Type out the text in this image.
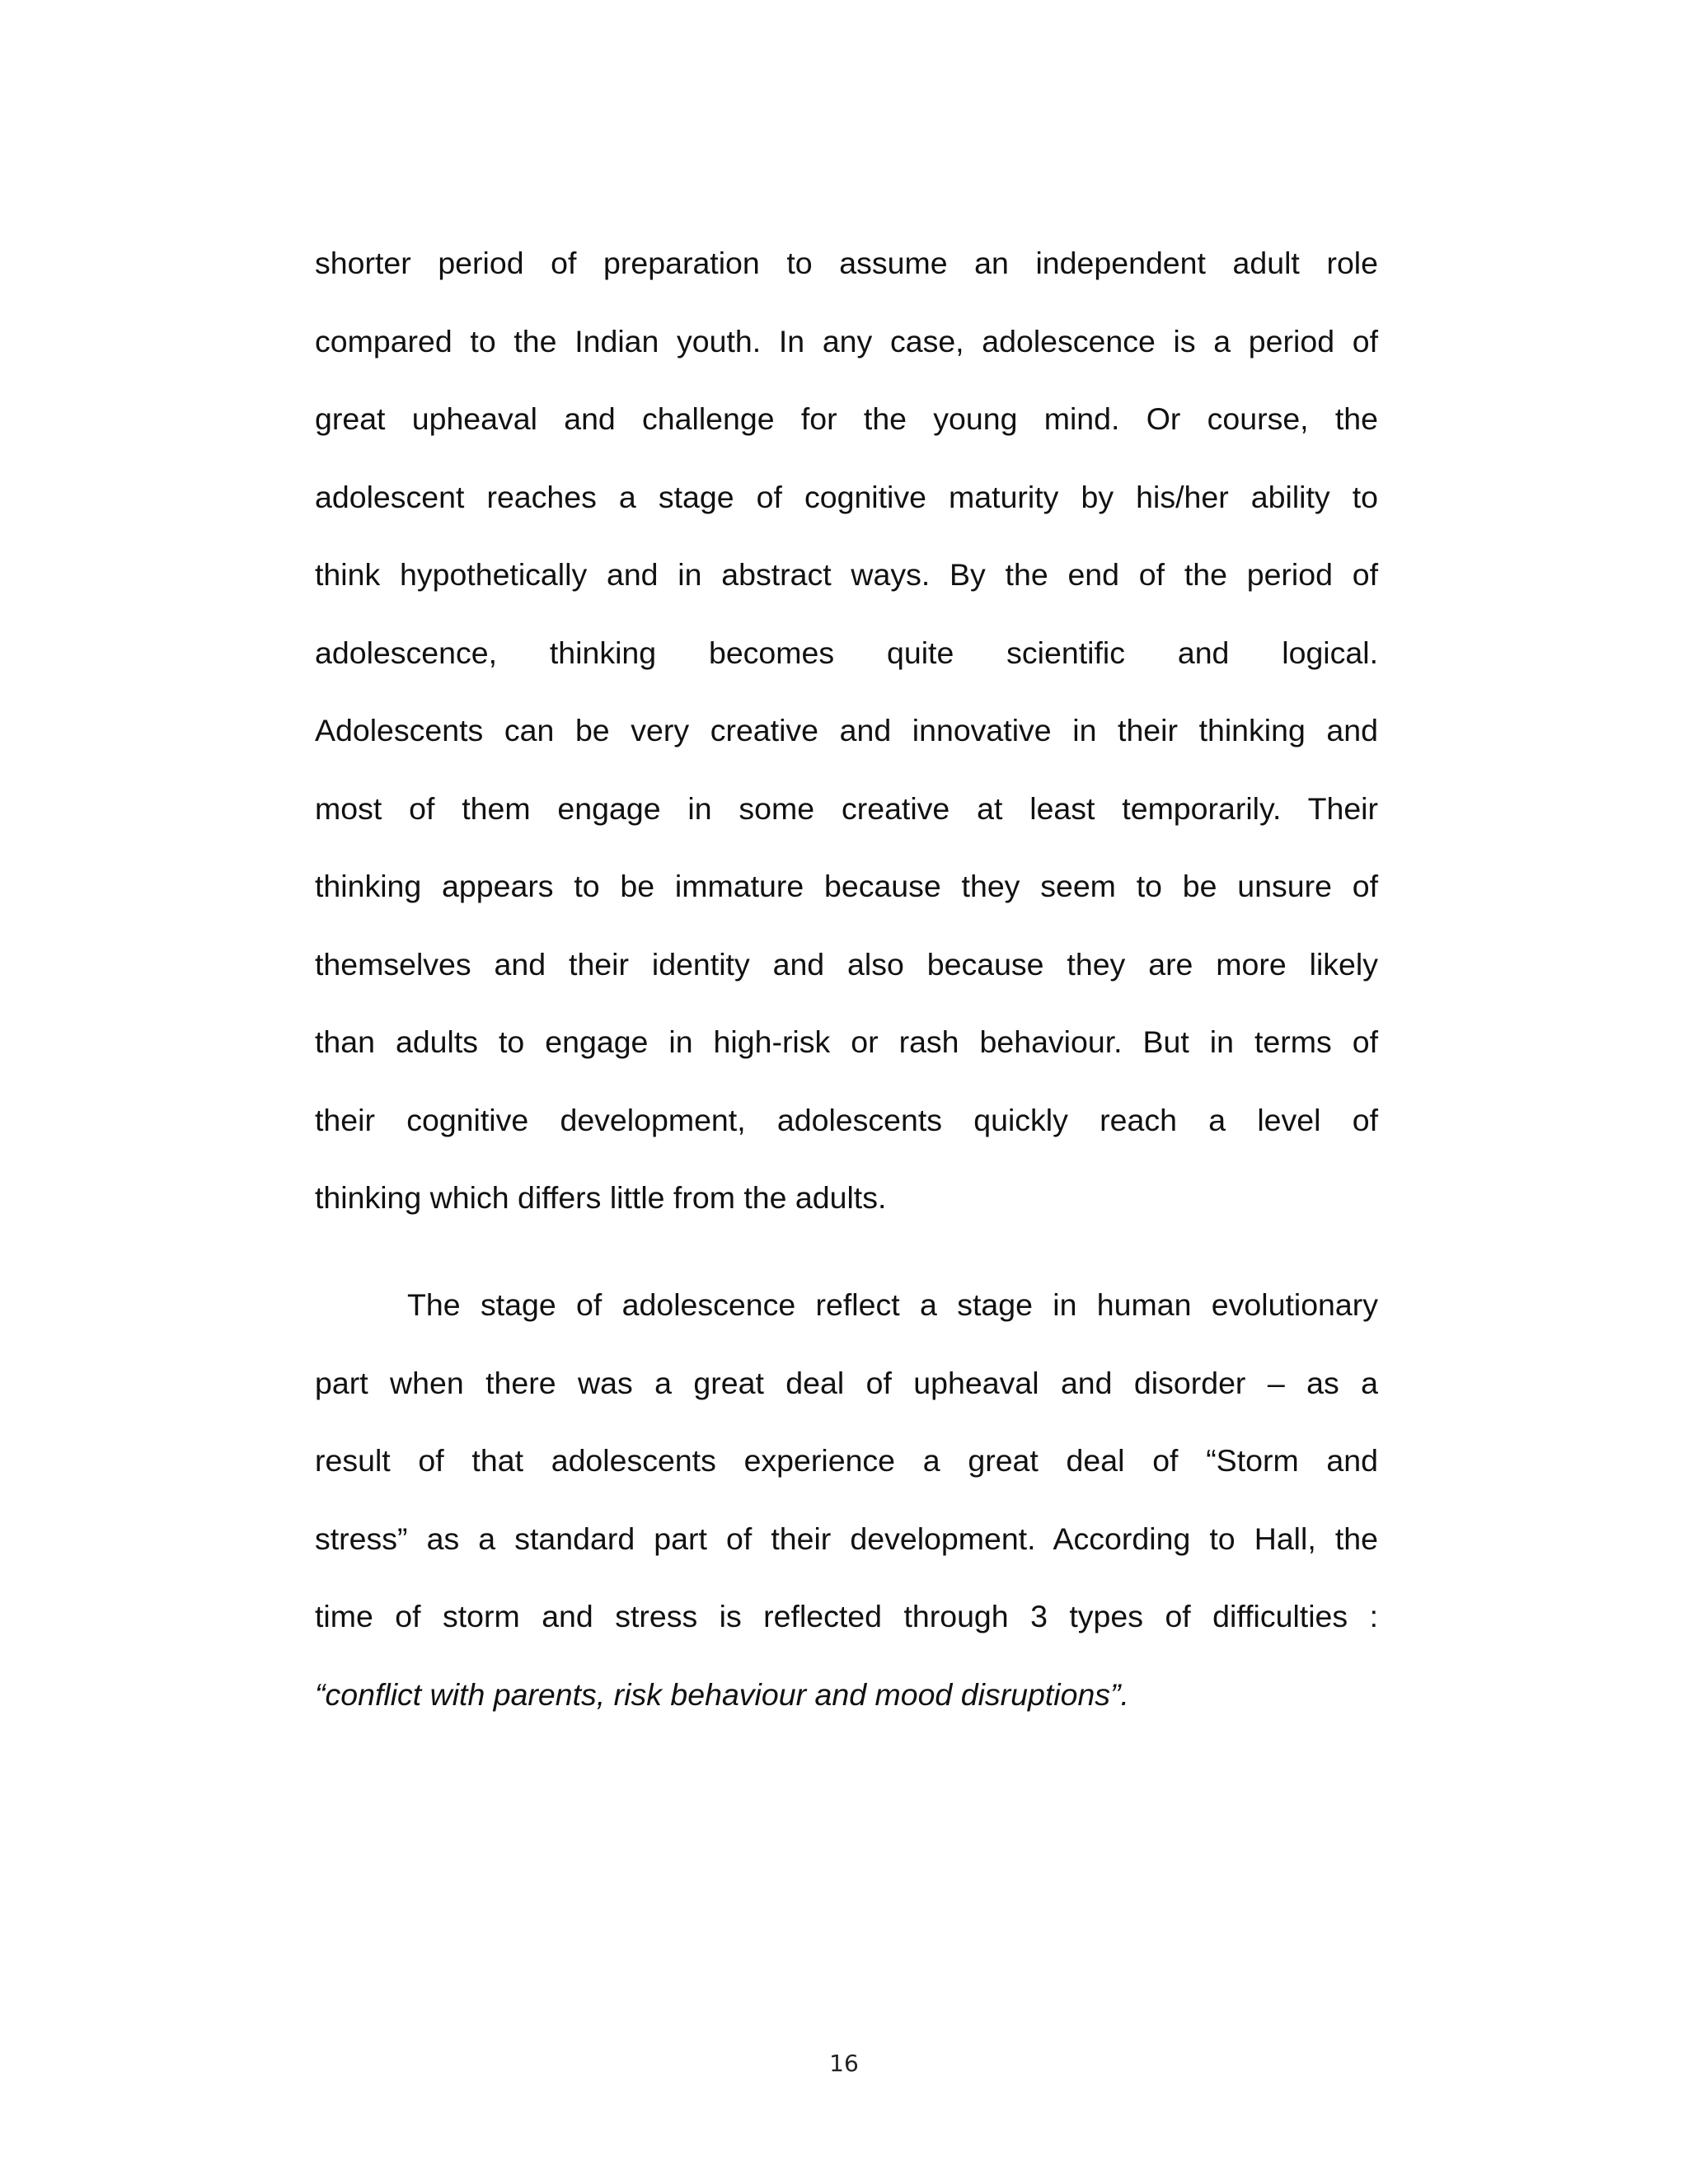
shorter period of preparation to assume an independent adult role
compared to the Indian youth. In any case, adolescence is a period of
great upheaval and challenge for the young mind. Or course, the
adolescent reaches a stage of cognitive maturity by his/her ability to
think hypothetically and in abstract ways. By the end of the period of
adolescence, thinking becomes quite scientific and logical.
Adolescents can be very creative and innovative in their thinking and
most of them engage in some creative at least temporarily. Their
thinking appears to be immature because they seem to be unsure of
themselves and their identity and also because they are more likely
than adults to engage in high-risk or rash behaviour. But in terms of
their cognitive development, adolescents quickly reach a level of
thinking which differs little from the adults.
The stage of adolescence reflect a stage in human evolutionary
part when there was a great deal of upheaval and disorder – as a
result of that adolescents experience a great deal of “Storm and
stress” as a standard part of their development. According to Hall, the
time of storm and stress is reflected through 3 types of difficulties :
“conflict with parents, risk behaviour and mood disruptions”.
16
